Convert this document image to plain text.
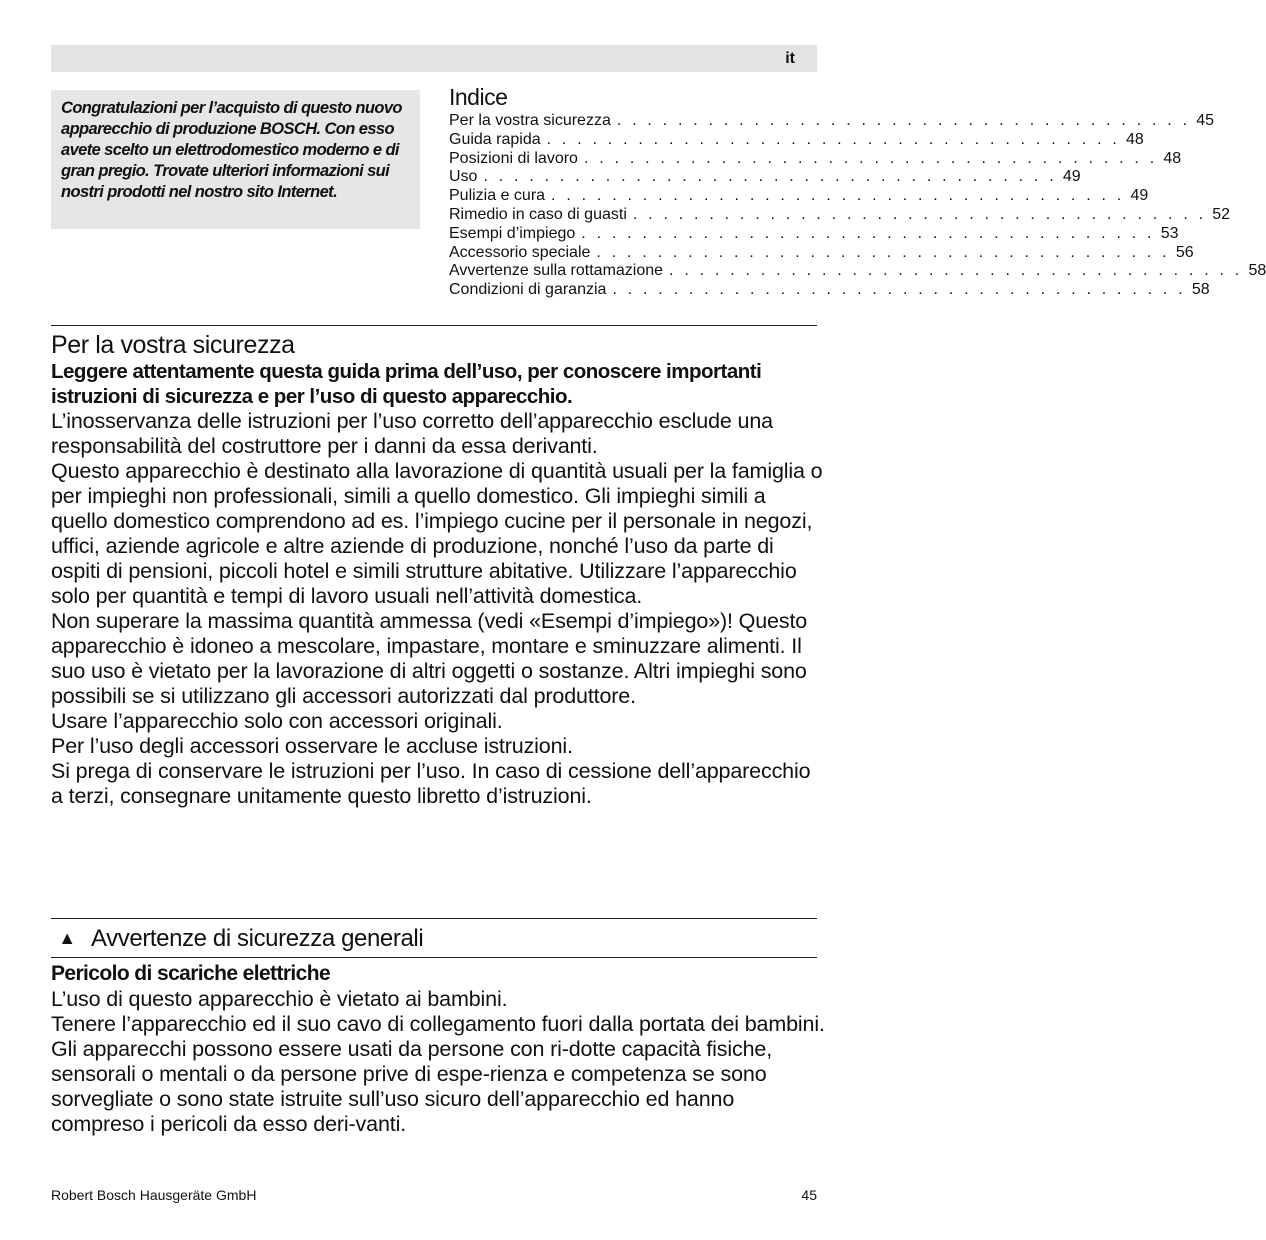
it

Congratulazioni per l’acquisto di questo nuovo apparecchio di produzione BOSCH. Con esso avete scelto un elettrodomestico moderno e di gran pregio. Trovate ulteriori informazioni sui nostri prodotti nel nostro sito Internet.

Indice
Per la vostra sicurezza . . . . . . . . . . . . . . . . . . . . . . . . . . . . . . . . . . . . . . 45
Guida rapida . . . . . . . . . . . . . . . . . . . . . . . . . . . . . . . . . . . . . . 48
Posizioni di lavoro . . . . . . . . . . . . . . . . . . . . . . . . . . . . . . . . . . . . . . 48
Uso . . . . . . . . . . . . . . . . . . . . . . . . . . . . . . . . . . . . . . 49
Pulizia e cura . . . . . . . . . . . . . . . . . . . . . . . . . . . . . . . . . . . . . . 49
Rimedio in caso di guasti . . . . . . . . . . . . . . . . . . . . . . . . . . . . . . . . . . . . . . 52
Esempi d’impiego . . . . . . . . . . . . . . . . . . . . . . . . . . . . . . . . . . . . . . 53
Accessorio speciale . . . . . . . . . . . . . . . . . . . . . . . . . . . . . . . . . . . . . . 56
Avvertenze sulla rottamazione . . . . . . . . . . . . . . . . . . . . . . . . . . . . . . . . . . . . . . 58
Condizioni di garanzia . . . . . . . . . . . . . . . . . . . . . . . . . . . . . . . . . . . . . . 58
Per la vostra sicurezza

Leggere attentamente questa guida prima dell’uso, per conoscere importanti istruzioni di sicurezza e per l’uso di questo apparecchio.

L’inosservanza delle istruzioni per l’uso corretto dell’apparecchio esclude una responsabilità del costruttore per i danni da essa derivanti.

Questo apparecchio è destinato alla lavorazione di quantità usuali per la famiglia o per impieghi non professionali, simili a quello domestico. Gli impieghi simili a quello domestico comprendono ad es. l’impiego cucine per il personale in negozi, uffici, aziende agricole e altre aziende di produzione, nonché l’uso da parte di ospiti di pensioni, piccoli hotel e simili strutture abitative. Utilizzare l’apparecchio solo per quantità e tempi di lavoro usuali nell’attività domestica.

Non superare la massima quantità ammessa (vedi «Esempi d’impiego»)! Questo apparecchio è idoneo a mescolare, impastare, montare e sminuzzare alimenti. Il suo uso è vietato per la lavorazione di altri oggetti o sostanze. Altri impieghi sono possibili se si utilizzano gli accessori autorizzati dal produttore.

Usare l’apparecchio solo con accessori originali.

Per l’uso degli accessori osservare le accluse istruzioni.

Si prega di conservare le istruzioni per l’uso. In caso di cessione dell’apparecchio a terzi, consegnare unitamente questo libretto d’istruzioni.

▲ Avvertenze di sicurezza generali
Pericolo di scariche elettriche

L’uso di questo apparecchio è vietato ai bambini.

Tenere l’apparecchio ed il suo cavo di collegamento fuori dalla portata dei bambini. Gli apparecchi possono essere usati da persone con ri-dotte capacità fisiche, sensorali o mentali o da persone prive di espe-rienza e competenza se sono sorvegliate o sono state istruite sull’uso sicuro dell’apparecchio ed hanno compreso i pericoli da esso deri-vanti.

Robert Bosch Hausgeräte GmbH	45
